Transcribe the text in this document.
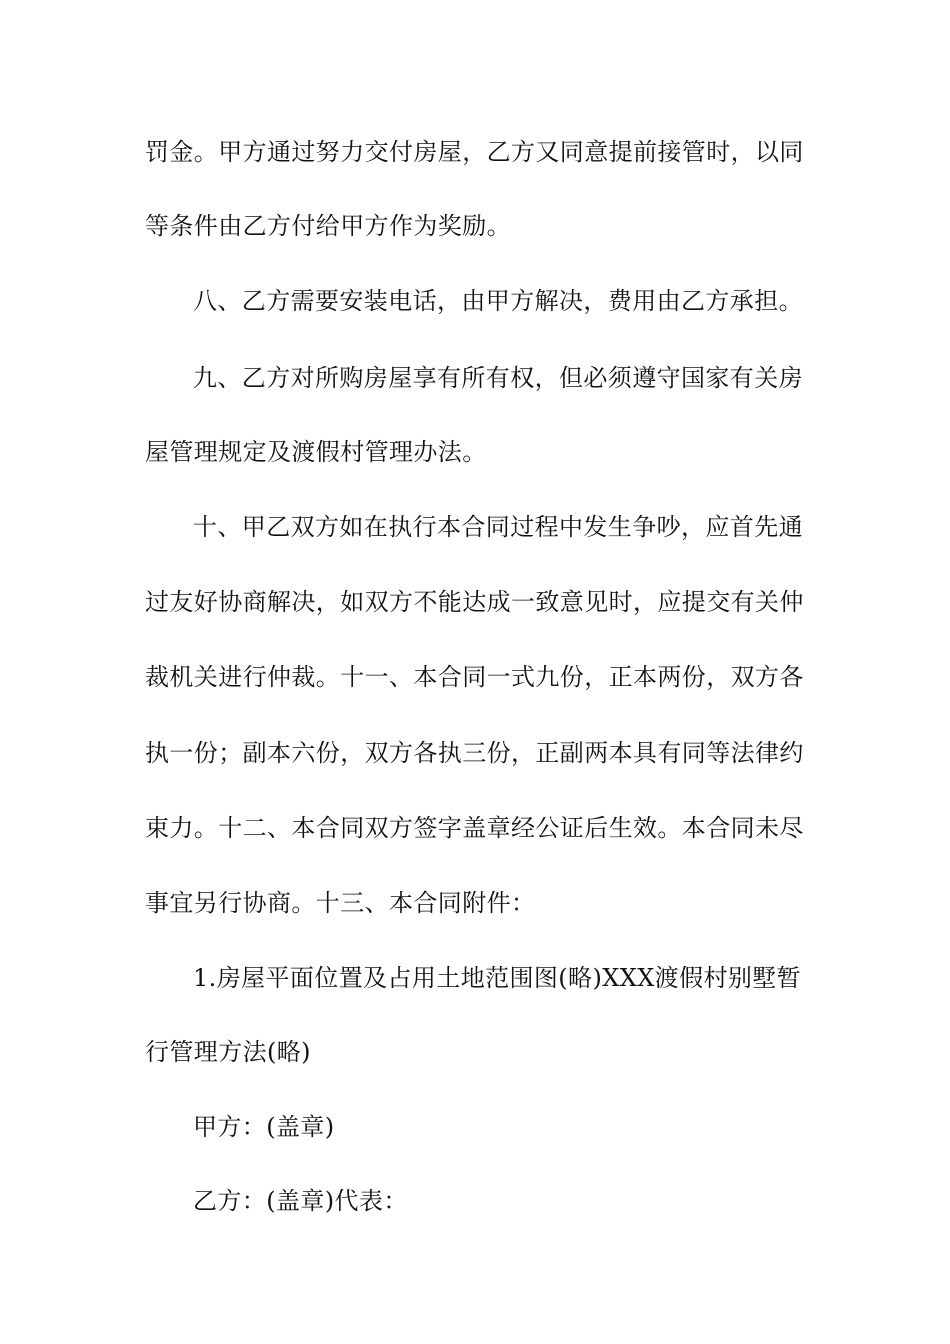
罚金。甲方通过努力交付房屋，乙方又同意提前接管时，以同
等条件由乙方付给甲方作为奖励。
八、乙方需要安装电话，由甲方解决，费用由乙方承担。
九、乙方对所购房屋享有所有权，但必须遵守国家有关房
屋管理规定及渡假村管理办法。
十、甲乙双方如在执行本合同过程中发生争吵，应首先通
过友好协商解决，如双方不能达成一致意见时，应提交有关仲
裁机关进行仲裁。十一、本合同一式九份，正本两份，双方各
执一份；副本六份，双方各执三份，正副两本具有同等法律约
束力。十二、本合同双方签字盖章经公证后生效。本合同未尽
事宜另行协商。十三、本合同附件：
1.房屋平面位置及占用土地范围图(略)XXX渡假村别墅暂
行管理方法(略)
甲方：(盖章)
乙方：(盖章)代表：
